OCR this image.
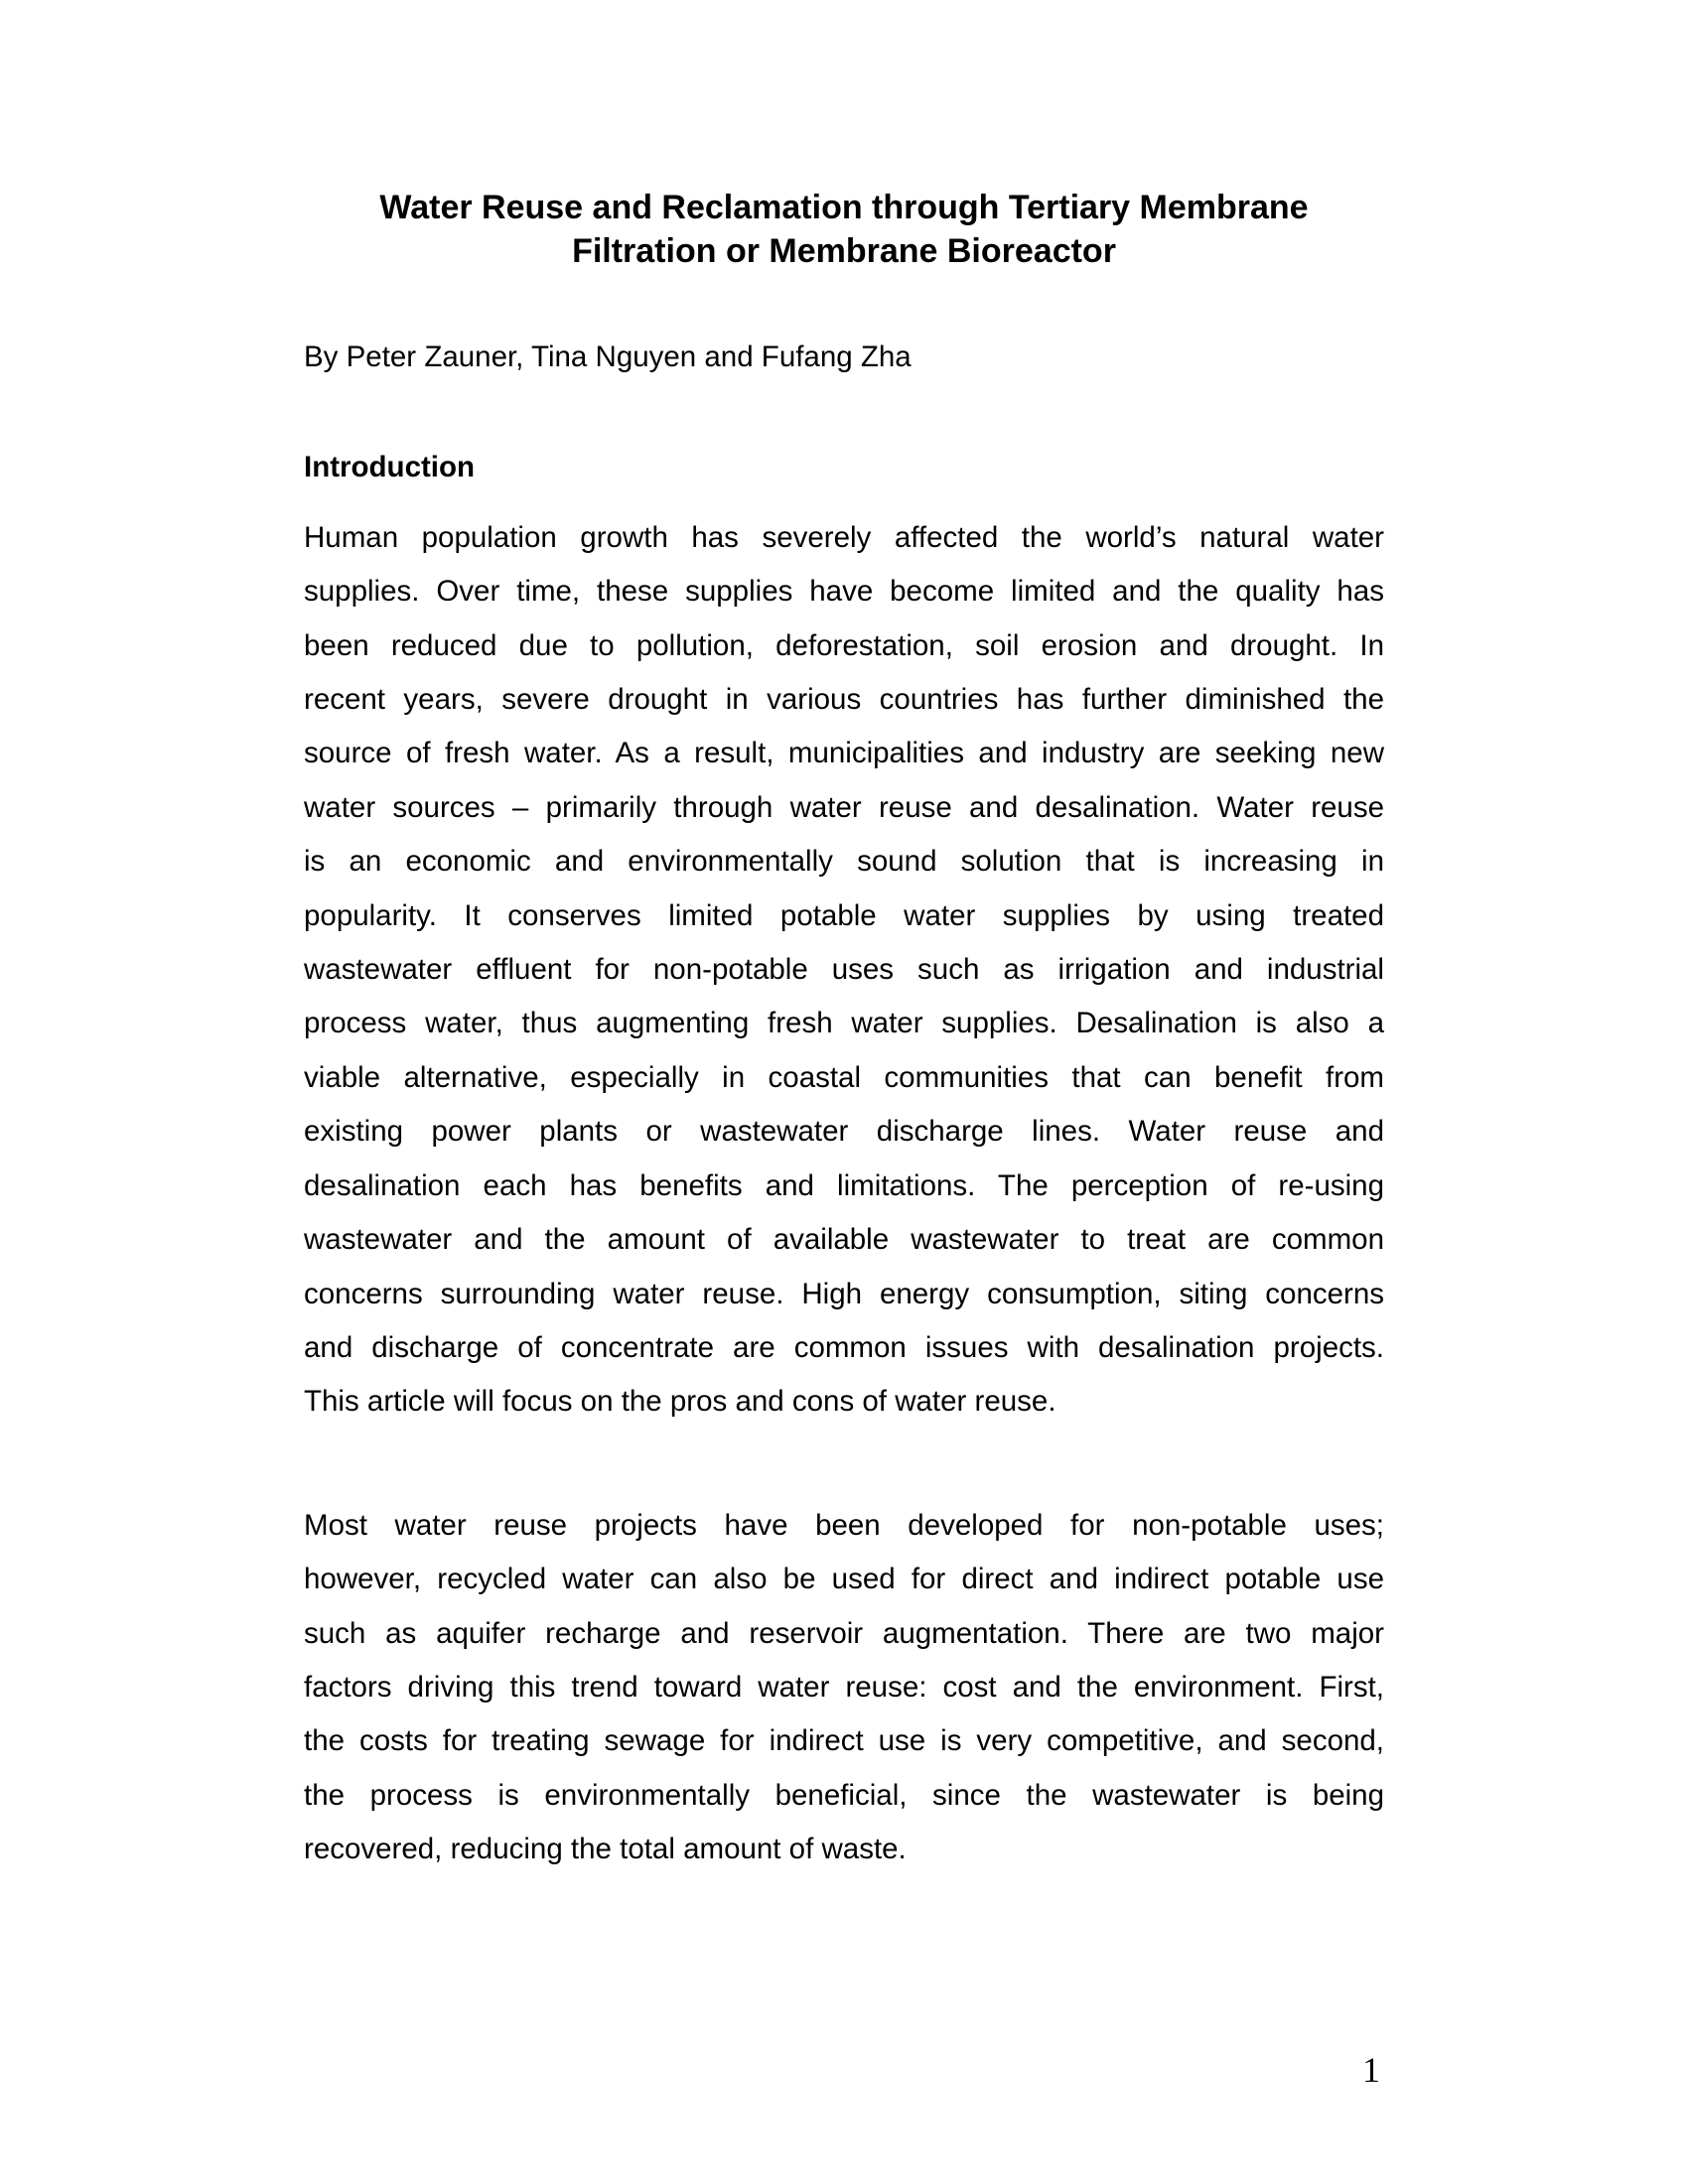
Water Reuse and Reclamation through Tertiary Membrane
Filtration or Membrane Bioreactor
By Peter Zauner, Tina Nguyen and Fufang Zha
Introduction
Human population growth has severely affected the world’s natural water
supplies. Over time, these supplies have become limited and the quality has
been reduced due to pollution, deforestation, soil erosion and drought. In
recent years, severe drought in various countries has further diminished the
source of fresh water. As a result, municipalities and industry are seeking new
water sources – primarily through water reuse and desalination. Water reuse
is an economic and environmentally sound solution that is increasing in
popularity. It conserves limited potable water supplies by using treated
wastewater effluent for non-potable uses such as irrigation and industrial
process water, thus augmenting fresh water supplies. Desalination is also a
viable alternative, especially in coastal communities that can benefit from
existing power plants or wastewater discharge lines. Water reuse and
desalination each has benefits and limitations. The perception of re-using
wastewater and the amount of available wastewater to treat are common
concerns surrounding water reuse. High energy consumption, siting concerns
and discharge of concentrate are common issues with desalination projects.
This article will focus on the pros and cons of water reuse.
Most water reuse projects have been developed for non-potable uses;
however, recycled water can also be used for direct and indirect potable use
such as aquifer recharge and reservoir augmentation. There are two major
factors driving this trend toward water reuse: cost and the environment. First,
the costs for treating sewage for indirect use is very competitive, and second,
the process is environmentally beneficial, since the wastewater is being
recovered, reducing the total amount of waste.
1
